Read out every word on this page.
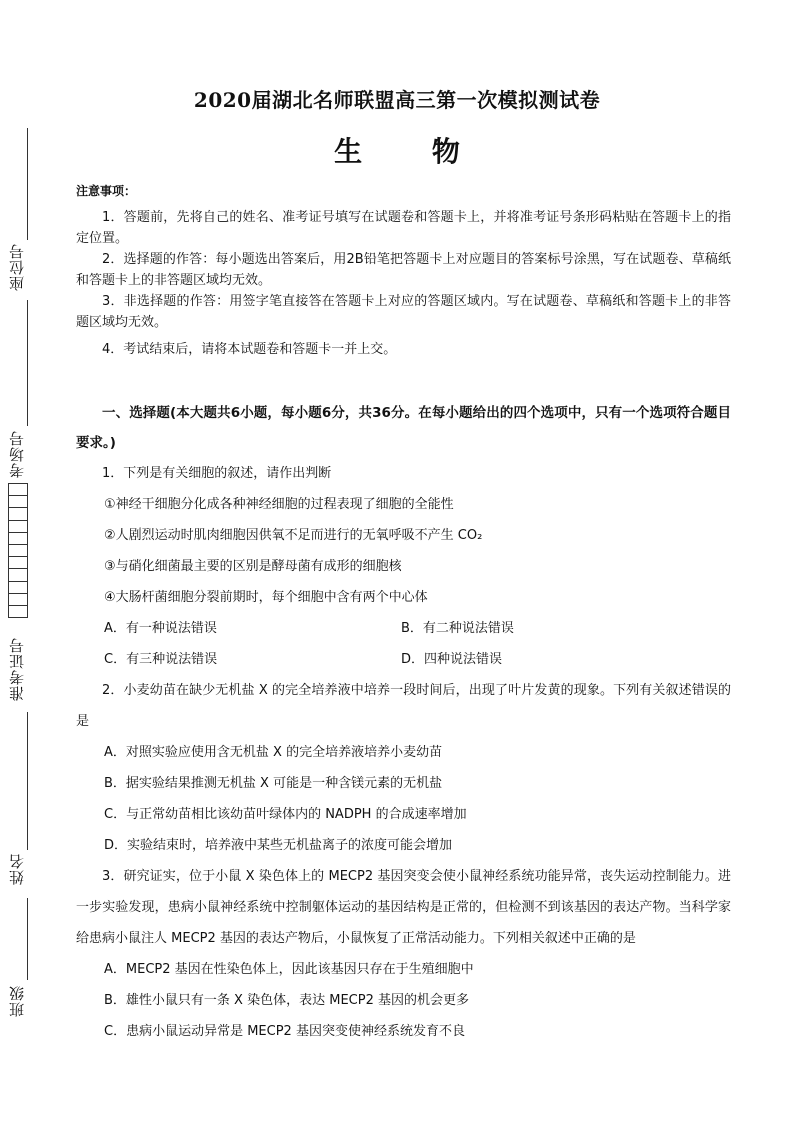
座位号
考场号
准考证号
姓名
班级
2020届湖北名师联盟高三第一次模拟测试卷
生 物
注意事项：
1．答题前，先将自己的姓名、准考证号填写在试题卷和答题卡上，并将准考证号条形码粘贴在答题卡上的指定位置。
2．选择题的作答：每小题选出答案后，用2B铅笔把答题卡上对应题目的答案标号涂黑，写在试题卷、草稿纸和答题卡上的非答题区域均无效。
3．非选择题的作答：用签字笔直接答在答题卡上对应的答题区域内。写在试题卷、草稿纸和答题卡上的非答题区域均无效。
4．考试结束后，请将本试题卷和答题卡一并上交。
一、选择题(本大题共6小题，每小题6分，共36分。在每小题给出的四个选项中，只有一个选项符合题目要求。)
1．下列是有关细胞的叙述，请作出判断
①神经干细胞分化成各种神经细胞的过程表现了细胞的全能性
②人剧烈运动时肌肉细胞因供氧不足而进行的无氧呼吸不产生 CO₂
③与硝化细菌最主要的区别是酵母菌有成形的细胞核
④大肠杆菌细胞分裂前期时，每个细胞中含有两个中心体
A．有一种说法错误	B．有二种说法错误
C．有三种说法错误	D．四种说法错误
2．小麦幼苗在缺少无机盐 X 的完全培养液中培养一段时间后，出现了叶片发黄的现象。下列有关叙述错误的是
A．对照实验应使用含无机盐 X 的完全培养液培养小麦幼苗
B．据实验结果推测无机盐 X 可能是一种含镁元素的无机盐
C．与正常幼苗相比该幼苗叶绿体内的 NADPH 的合成速率增加
D．实验结束时，培养液中某些无机盐离子的浓度可能会增加
3．研究证实，位于小鼠 X 染色体上的 MECP2 基因突变会使小鼠神经系统功能异常，丧失运动控制能力。进一步实验发现，患病小鼠神经系统中控制躯体运动的基因结构是正常的，但检测不到该基因的表达产物。当科学家给患病小鼠注人 MECP2 基因的表达产物后，小鼠恢复了正常活动能力。下列相关叙述中正确的是
A．MECP2 基因在性染色体上，因此该基因只存在于生殖细胞中
B．雄性小鼠只有一条 X 染色体，表达 MECP2 基因的机会更多
C．患病小鼠运动异常是 MECP2 基因突变使神经系统发育不良
